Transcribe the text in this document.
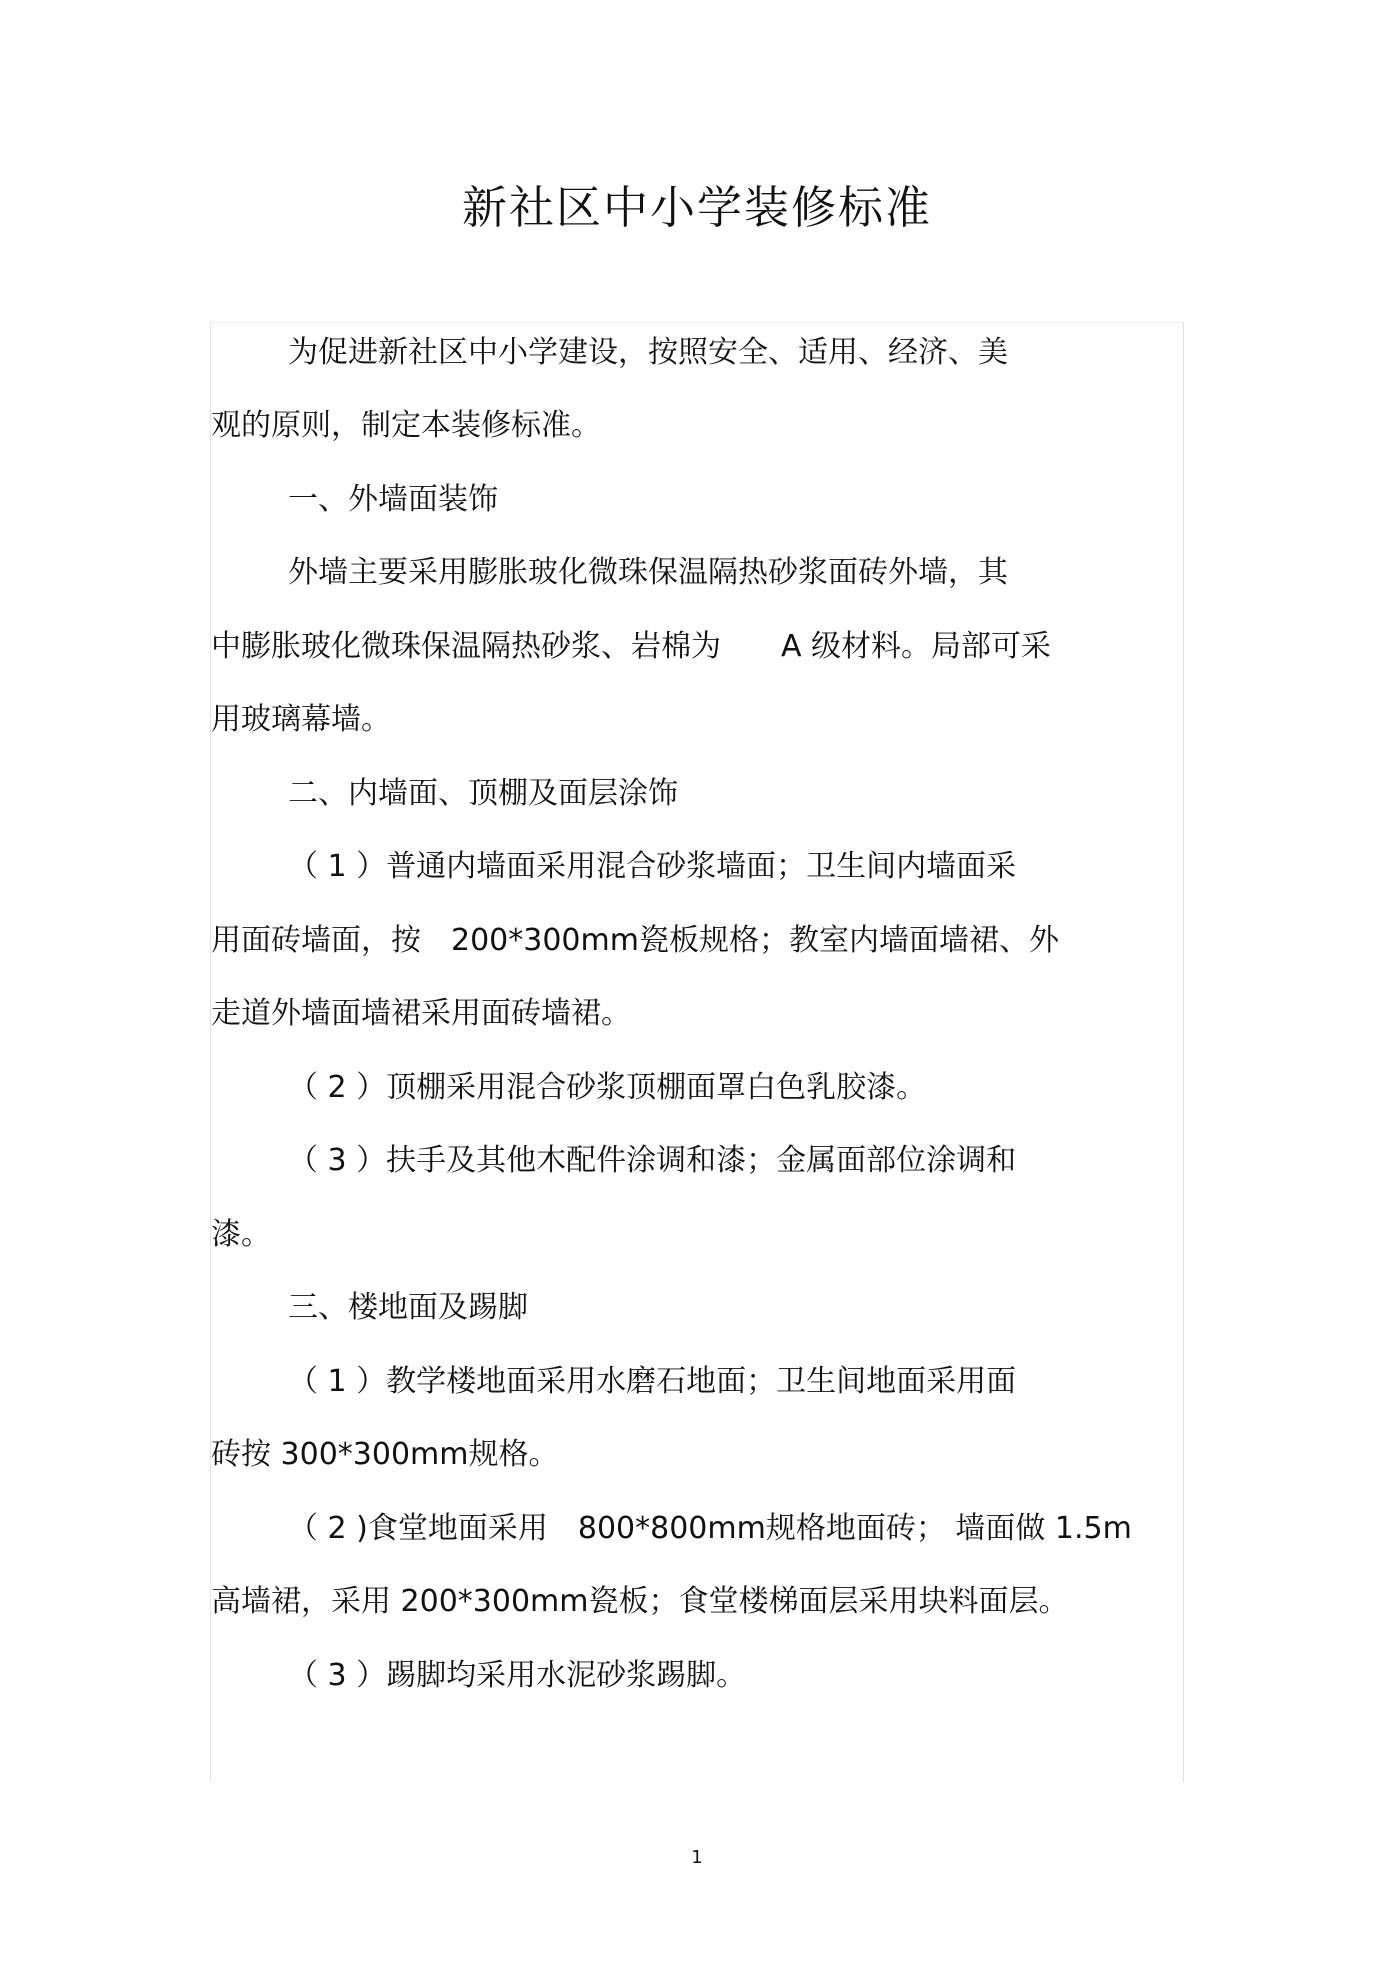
新社区中小学装修标准

为促进新社区中小学建设，按照安全、适用、经济、美

观的原则，制定本装修标准。

一、外墙面装饰

外墙主要采用膨胀玻化微珠保温隔热砂浆面砖外墙，其

中膨胀玻化微珠保温隔热砂浆、岩棉为　　A 级材料。局部可采

用玻璃幕墙。

二、内墙面、顶棚及面层涂饰

（ 1 ）普通内墙面采用混合砂浆墙面；卫生间内墙面采

用面砖墙面，按　200*300mm瓷板规格；教室内墙面墙裙、外

走道外墙面墙裙采用面砖墙裙。

（ 2 ）顶棚采用混合砂浆顶棚面罩白色乳胶漆。

（ 3 ）扶手及其他木配件涂调和漆；金属面部位涂调和

漆。

三、楼地面及踢脚

（ 1 ）教学楼地面采用水磨石地面；卫生间地面采用面

砖按 300*300mm规格。

（ 2 )食堂地面采用　800*800mm规格地面砖； 墙面做 1.5m

高墙裙，采用 200*300mm瓷板；食堂楼梯面层采用块料面层。

（ 3 ）踢脚均采用水泥砂浆踢脚。

1
